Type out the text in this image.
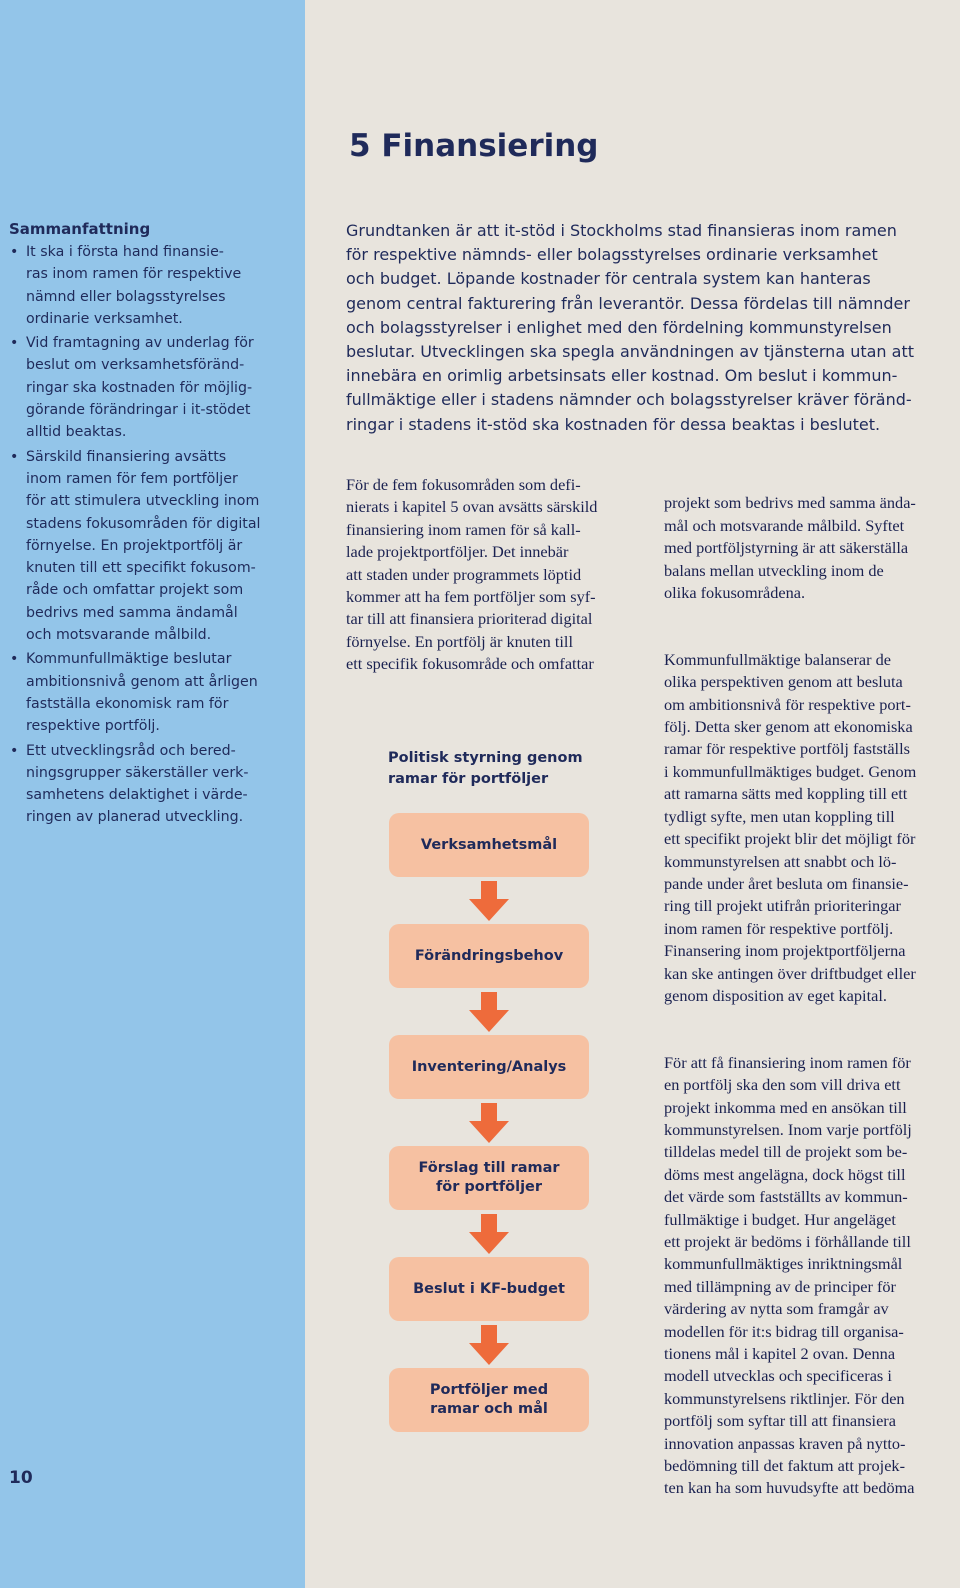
Sammanfattning
• It ska i första hand finansie-
ras inom ramen för respektive
nämnd eller bolagsstyrelses
ordinarie verksamhet.
• Vid framtagning av underlag för
beslut om verksamhetsföränd-
ringar ska kostnaden för möjlig-
görande förändringar i it-stödet
alltid beaktas.
• Särskild finansiering avsätts
inom ramen för fem portföljer
för att stimulera utveckling inom
stadens fokusområden för digital
förnyelse. En projektportfölj är
knuten till ett specifikt fokusom-
råde och omfattar projekt som
bedrivs med samma ändamål
och motsvarande målbild.
• Kommunfullmäktige beslutar
ambitionsnivå genom att årligen
fastställa ekonomisk ram för
respektive portfölj.
• Ett utvecklingsråd och bered-
ningsgrupper säkerställer verk-
samhetens delaktighet i värde-
ringen av planerad utveckling.
10
5 Finansiering
Grundtanken är att it-stöd i Stockholms stad finansieras inom ramen
för respektive nämnds- eller bolagsstyrelses ordinarie verksamhet
och budget. Löpande kostnader för centrala system kan hanteras
genom central fakturering från leverantör. Dessa fördelas till nämnder
och bolagsstyrelser i enlighet med den fördelning kommunstyrelsen
beslutar. Utvecklingen ska spegla användningen av tjänsterna utan att
innebära en orimlig arbetsinsats eller kostnad. Om beslut i kommun-
fullmäktige eller i stadens nämnder och bolagsstyrelser kräver föränd-
ringar i stadens it-stöd ska kostnaden för dessa beaktas i beslutet.
För de fem fokusområden som defi-
nierats i kapitel 5 ovan avsätts särskild
finansiering inom ramen för så kall-
lade projektportföljer. Det innebär
att staden under programmets löptid
kommer att ha fem portföljer som syf-
tar till att finansiera prioriterad digital
förnyelse. En portfölj är knuten till
ett specifik fokusområde och omfattar

projekt som bedrivs med samma ända-
mål och motsvarande målbild. Syftet
med portföljstyrning är att säkerställa
balans mellan utveckling inom de
olika fokusområdena.

Kommunfullmäktige balanserar de
olika perspektiven genom att besluta
om ambitionsnivå för respektive port-
följ. Detta sker genom att ekonomiska
ramar för respektive portfölj fastställs
i kommunfullmäktiges budget. Genom
att ramarna sätts med koppling till ett
tydligt syfte, men utan koppling till
ett specifikt projekt blir det möjligt för
kommunstyrelsen att snabbt och lö-
pande under året besluta om finansie-
ring till projekt utifrån prioriteringar
inom ramen för respektive portfölj.
Finansering inom projektportföljerna
kan ske antingen över driftbudget eller
genom disposition av eget kapital.

För att få finansiering inom ramen för
en portfölj ska den som vill driva ett
projekt inkomma med en ansökan till
kommunstyrelsen. Inom varje portfölj
tilldelas medel till de projekt som be-
döms mest angelägna, dock högst till
det värde som fastställts av kommun-
fullmäktige i budget. Hur angeläget
ett projekt är bedöms i förhållande till
kommunfullmäktiges inriktningsmål
med tillämpning av de principer för
värdering av nytta som framgår av
modellen för it:s bidrag till organisa-
tionens mål i kapitel 2 ovan. Denna
modell utvecklas och specificeras i
kommunstyrelsens riktlinjer. För den
portfölj som syftar till att finansiera
innovation anpassas kraven på nytto-
bedömning till det faktum att projek-
ten kan ha som huvudsyfte att bedöma

Politisk styrning genom
ramar för portföljer
Verksamhetsmål
Förändringsbehov
Inventering/Analys
Förslag till ramar
för portföljer
Beslut i KF-budget
Portföljer med
ramar och mål
